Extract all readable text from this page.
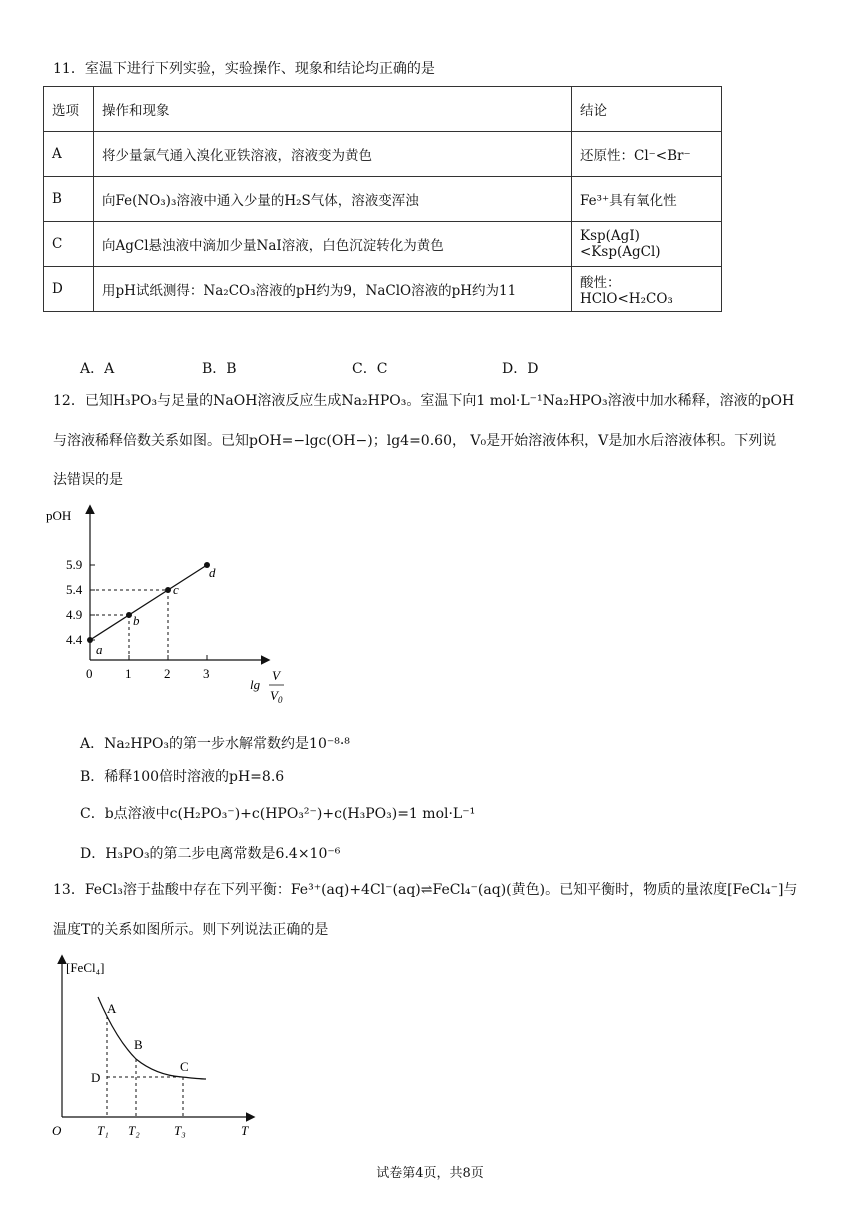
11．室温下进行下列实验，实验操作、现象和结论均正确的是
选项	操作和现象	结论
A	将少量氯气通入溴化亚铁溶液，溶液变为黄色	还原性：Cl⁻<Br⁻
B	向Fe(NO₃)₃溶液中通入少量的H₂S气体，溶液变浑浊	Fe³⁺具有氧化性
C	向AgCl悬浊液中滴加少量NaI溶液，白色沉淀转化为黄色	Ksp(AgI)<Ksp(AgCl)
D	用pH试纸测得：Na₂CO₃溶液的pH约为9，NaClO溶液的pH约为11	酸性：HClO<H₂CO₃
A．A	B．B	C．C	D．D
12．已知H₃PO₃与足量的NaOH溶液反应生成Na₂HPO₃。室温下向1 mol·L⁻¹Na₂HPO₃溶液中加水稀释，溶液的pOH
与溶液稀释倍数关系如图。已知pOH=−lgc(OH−)；lg4=0.60， V₀是开始溶液体积，V是加水后溶液体积。下列说
法错误的是
pOH
lg
V
$V_0$
0	1	2	3
4.4
4.9
5.4
5.9
a
b
c
d
A．Na₂HPO₃的第一步水解常数约是10⁻⁸·⁸
B．稀释100倍时溶液的pH=8.6
C．b点溶液中c(H₂PO₃⁻)+c(HPO₃²⁻)+c(H₃PO₃)=1 mol·L⁻¹
D．H₃PO₃的第二步电离常数是6.4×10⁻⁶
13．FeCl₃溶于盐酸中存在下列平衡：Fe³⁺(aq)+4Cl⁻(aq)⇌FeCl₄⁻(aq)(黄色)。已知平衡时，物质的量浓度[FeCl₄⁻]与
温度T的关系如图所示。则下列说法正确的是
[FeCl₄]
O	T
A
B
C
D
T₁ T₂	T₃
试卷第4页，共8页
